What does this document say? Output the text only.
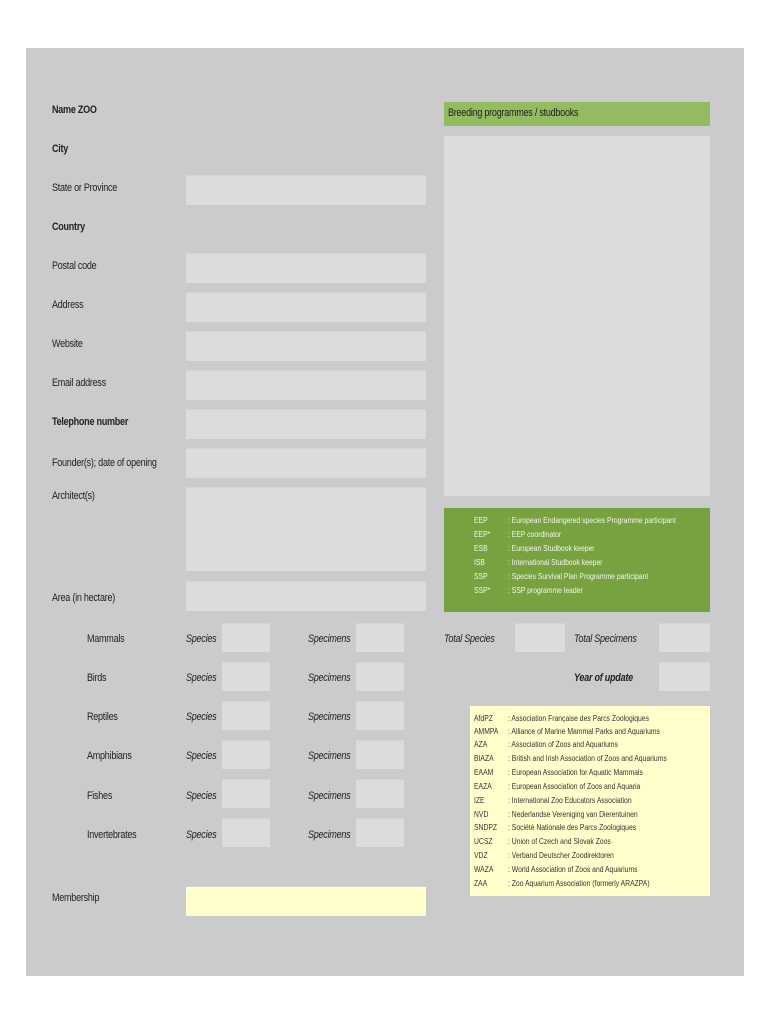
Name ZOO
City
State or Province
Country
Postal code
Address
Website
Email address
Telephone number
Founder(s); date of opening
Architect(s)
Area (in hectare)
Mammals	Species	Specimens
Birds	Species	Specimens
Reptiles	Species	Specimens
Amphibians	Species	Specimens
Fishes	Species	Specimens
Invertebrates	Species	Specimens
Membership
Breeding programmes / studbooks
EEP	: European Endangered species Programme participant
EEP* : EEP coordinator
ESB	: European Studbook keeper
ISB	: International Studbook keeper
SSP	: Species Survival Plan Programme participant
SSP* : SSP programme leader
Total Species	Total Specimens
Year of update
AfdPZ : Association Française des Parcs Zoologiques
AMMPA : Alliance of Marine Mammal Parks and Aquariums
AZA	: Association of Zoos and Aquariums
BIAZA : British and Irish Association of Zoos and Aquariums
EAAM : European Association for Aquatic Mammals
EAZA : European Association of Zoos and Aquaria
IZE	: International Zoo Educators Association
NVD : Nederlandse Vereniging van Dierentuinen
SNDPZ : Société Nationale des Parcs Zoologiques
UCSZ : Union of Czech and Slovak Zoos
VDZ	: Verband Deutscher Zoodirektoren
WAZA : World Association of Zoos and Aquariums
ZAA	: Zoo Aquarium Association (formerly ARAZPA)
